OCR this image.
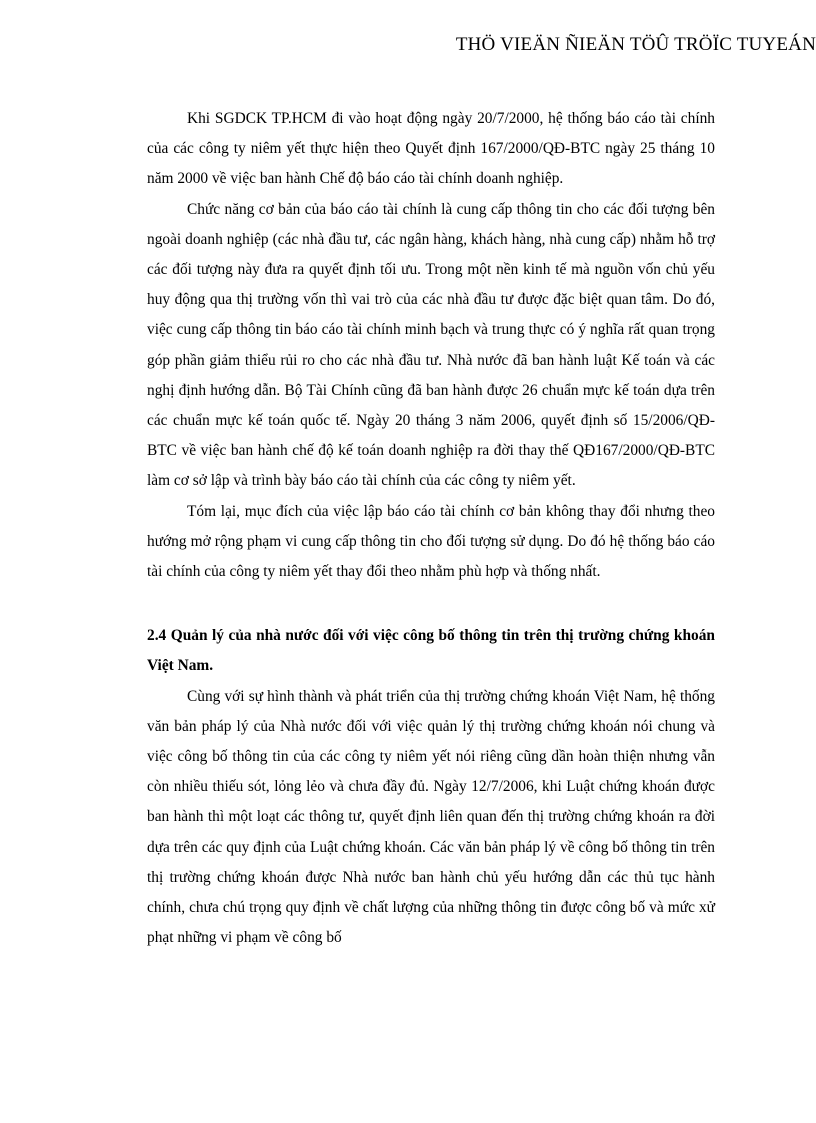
THÖ VIEÄN ÑIEÄN TÖÛ TRÖÏC TUYEÁN

Khi SGDCK TP.HCM đi vào hoạt động ngày 20/7/2000, hệ thống báo cáo tài chính của các công ty niêm yết thực hiện theo Quyết định 167/2000/QĐ-BTC ngày 25 tháng 10 năm 2000 về việc ban hành Chế độ báo cáo tài chính doanh nghiệp.

Chức năng cơ bản của báo cáo tài chính là cung cấp thông tin cho các đối tượng bên ngoài doanh nghiệp (các nhà đầu tư, các ngân hàng, khách hàng, nhà cung cấp) nhằm hỗ trợ các đối tượng này đưa ra quyết định tối ưu. Trong một nền kinh tế mà nguồn vốn chủ yếu huy động qua thị trường vốn thì vai trò của các nhà đầu tư được đặc biệt quan tâm. Do đó, việc cung cấp thông tin báo cáo tài chính minh bạch và trung thực có ý nghĩa rất quan trọng góp phần giảm thiểu rủi ro cho các nhà đầu tư. Nhà nước đã ban hành luật Kế toán và các nghị định hướng dẫn. Bộ Tài Chính cũng đã ban hành được 26 chuẩn mực kế toán dựa trên các chuẩn mực kế toán quốc tế. Ngày 20 tháng 3 năm 2006, quyết định số 15/2006/QĐ-BTC về việc ban hành chế độ kế toán doanh nghiệp ra đời thay thế QĐ167/2000/QĐ-BTC làm cơ sở lập và trình bày báo cáo tài chính của các công ty niêm yết.

Tóm lại, mục đích của việc lập báo cáo tài chính cơ bản không thay đổi nhưng theo hướng mở rộng phạm vi cung cấp thông tin cho đối tượng sử dụng. Do đó hệ thống báo cáo tài chính của công ty niêm yết thay đổi theo nhằm phù hợp và thống nhất.

2.4 Quản lý của nhà nước đối với việc công bố thông tin trên thị trường chứng khoán Việt Nam.

Cùng với sự hình thành và phát triển của thị trường chứng khoán Việt Nam, hệ thống văn bản pháp lý của Nhà nước đối với việc quản lý thị trường chứng khoán nói chung và việc công bố thông tin của các công ty niêm yết nói riêng cũng dần hoàn thiện nhưng vẫn còn nhiều thiếu sót, lỏng lẻo và chưa đầy đủ. Ngày 12/7/2006, khi Luật chứng khoán được ban hành thì một loạt các thông tư, quyết định liên quan đến thị trường chứng khoán ra đời dựa trên các quy định của Luật chứng khoán. Các văn bản pháp lý về công bố thông tin trên thị trường chứng khoán được Nhà nước ban hành chủ yếu hướng dẫn các thủ tục hành chính, chưa chú trọng quy định về chất lượng của những thông tin được công bố và mức xử phạt những vi phạm về công bố
